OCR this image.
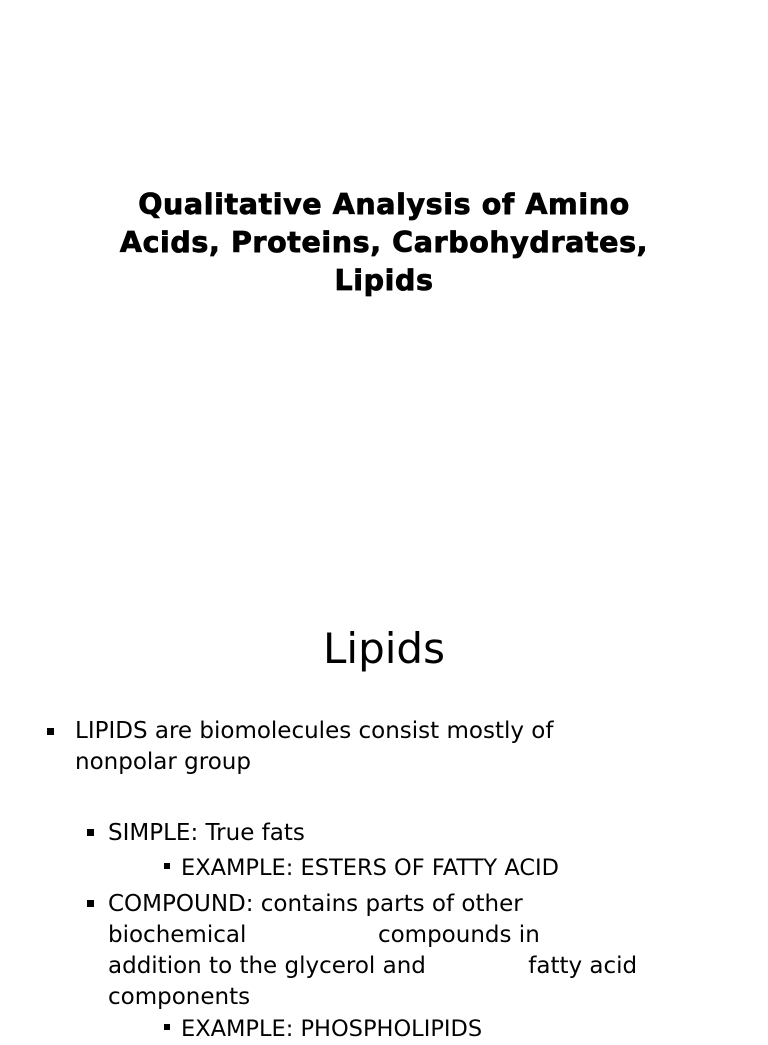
Qualitative Analysis of Amino
Acids, Proteins, Carbohydrates,
Lipids
Lipids
LIPIDS are biomolecules consist mostly of
nonpolar group
SIMPLE: True fats
EXAMPLE: ESTERS OF FATTY ACID
COMPOUND: contains parts of other
biochemical                  compounds in
addition to the glycerol and              fatty acid
components
EXAMPLE: PHOSPHOLIPIDS
